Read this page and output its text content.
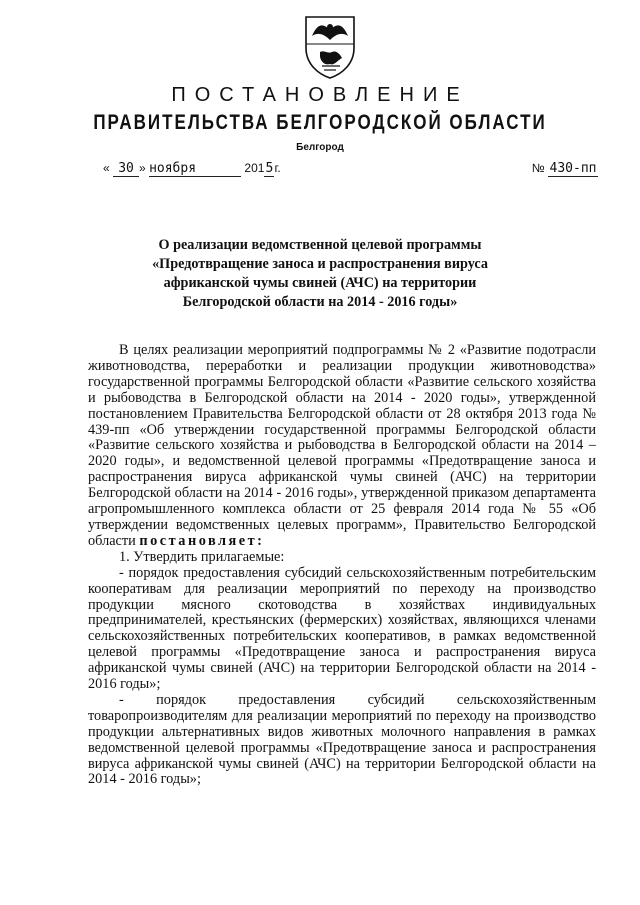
ПОСТАНОВЛЕНИЕ
ПРАВИТЕЛЬСТВА БЕЛГОРОДСКОЙ ОБЛАСТИ
Белгород
« 30 » ноября	2015г.	№ 430-пп
О реализации ведомственной целевой программы
«Предотвращение заноса и распространения вируса
африканской чумы свиней (АЧС) на территории
Белгородской области на 2014 - 2016 годы»

В целях реализации мероприятий подпрограммы № 2 «Развитие подотрасли животноводства, переработки и реализации продукции животноводства» государственной программы Белгородской области «Развитие сельского хозяйства и рыбоводства в Белгородской области на 2014 - 2020 годы», утвержденной постановлением Правительства Белгородской области от 28 октября 2013 года № 439-пп «Об утверждении государственной программы Белгородской области «Развитие сельского хозяйства и рыбоводства в Белгородской области на 2014 – 2020 годы», и ведомственной целевой программы «Предотвращение заноса и распространения вируса африканской чумы свиней (АЧС) на территории Белгородской области на 2014 - 2016 годы», утвержденной приказом департамента агропромышленного комплекса области от 25 февраля 2014 года № 55 «Об утверждении ведомственных целевых программ», Правительство Белгородской области постановляет:

1. Утвердить прилагаемые:

- порядок предоставления субсидий сельскохозяйственным потребительским кооперативам для реализации мероприятий по переходу на производство продукции мясного скотоводства в хозяйствах индивидуальных предпринимателей, крестьянских (фермерских) хозяйствах, являющихся членами сельскохозяйственных потребительских кооперативов, в рамках ведомственной целевой программы «Предотвращение заноса и распространения вируса африканской чумы свиней (АЧС) на территории Белгородской области на 2014 - 2016 годы»;

- порядок предоставления субсидий сельскохозяйственным товаропроизводителям для реализации мероприятий по переходу на производство продукции альтернативных видов животных молочного направления в рамках ведомственной целевой программы «Предотвращение заноса и распространения вируса африканской чумы свиней (АЧС) на территории Белгородской области на 2014 - 2016 годы»;
